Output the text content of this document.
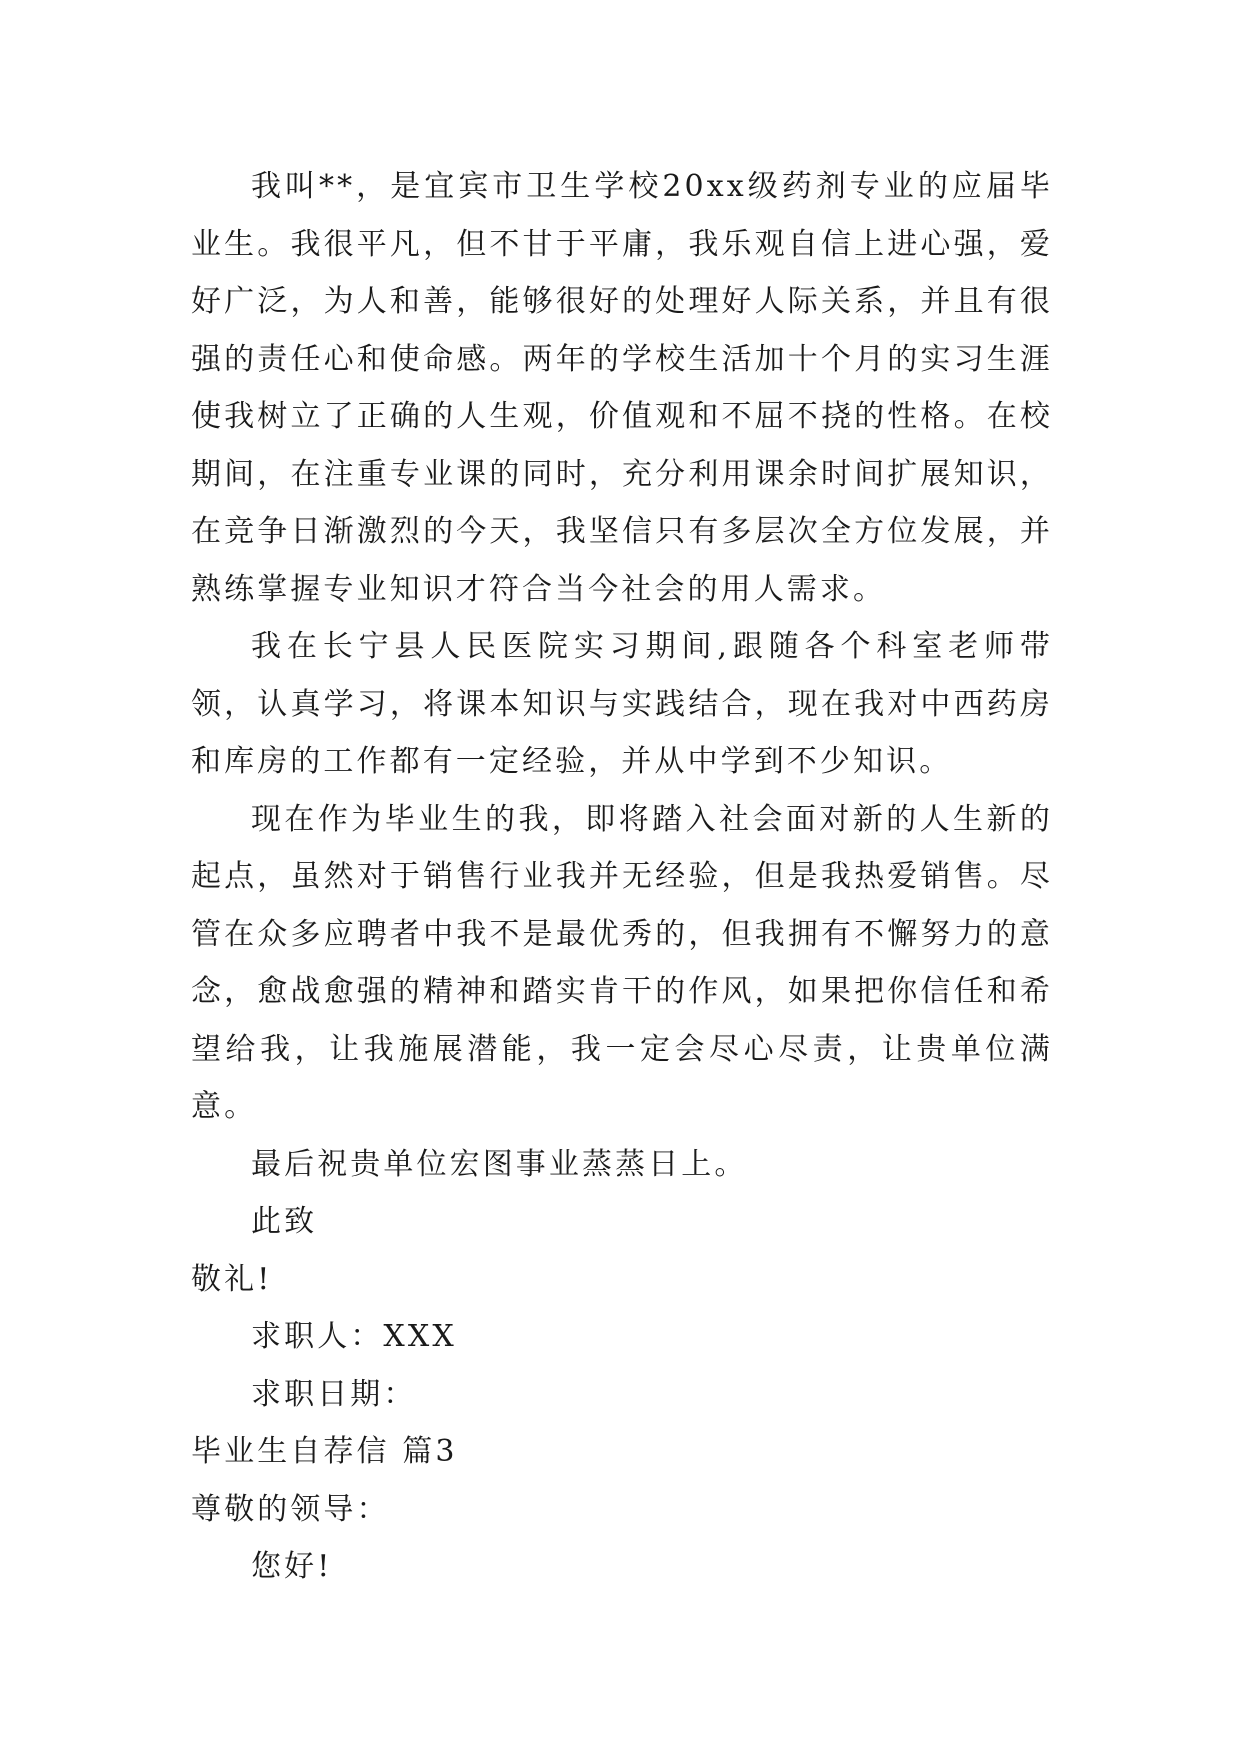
我叫**，是宜宾市卫生学校20xx级药剂专业的应届毕业生。我很平凡，但不甘于平庸，我乐观自信上进心强，爱好广泛，为人和善，能够很好的处理好人际关系，并且有很强的责任心和使命感。两年的学校生活加十个月的实习生涯使我树立了正确的人生观，价值观和不屈不挠的性格。在校期间，在注重专业课的同时，充分利用课余时间扩展知识，在竞争日渐激烈的今天，我坚信只有多层次全方位发展，并熟练掌握专业知识才符合当今社会的用人需求。

我在长宁县人民医院实习期间,跟随各个科室老师带领，认真学习，将课本知识与实践结合，现在我对中西药房和库房的工作都有一定经验，并从中学到不少知识。

现在作为毕业生的我，即将踏入社会面对新的人生新的起点，虽然对于销售行业我并无经验，但是我热爱销售。尽管在众多应聘者中我不是最优秀的，但我拥有不懈努力的意念，愈战愈强的精神和踏实肯干的作风，如果把你信任和希望给我，让我施展潜能，我一定会尽心尽责，让贵单位满意。

最后祝贵单位宏图事业蒸蒸日上。

此致

敬礼!

求职人：XXX

求职日期：

毕业生自荐信 篇3

尊敬的领导：

您好!
